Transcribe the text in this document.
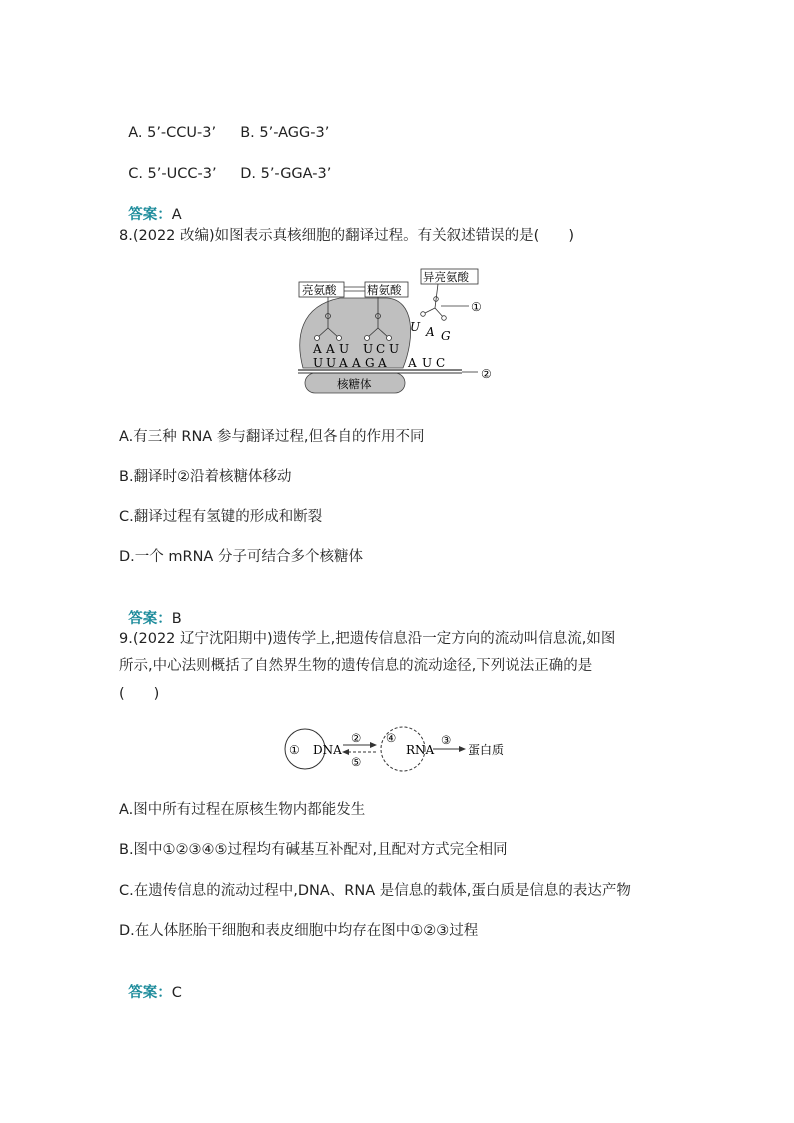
A. 5’-CCU-3’ B. 5’-AGG-3’

C. 5’-UCC-3’ D. 5’-GGA-3’

答案：A

8.(2022 改编)如图表示真核细胞的翻译过程。有关叙述错误的是(　　)
②
亮氨酸	精氨酸
异亮氨酸
①
A A U U C U
U A G
U U A A G A A U C
核糖体
A.有三种 RNA 参与翻译过程,但各自的作用不同
B.翻译时②沿着核糖体移动
C.翻译过程有氢键的形成和断裂
D.一个 mRNA 分子可结合多个核糖体

答案：B

9.(2022 辽宁沈阳期中)遗传学上,把遗传信息沿一定方向的流动叫信息流,如图
所示,中心法则概括了自然界生物的遗传信息的流动途径,下列说法正确的是
(　　)
① DNA
②
⑤
④
RNA
③
蛋白质
A.图中所有过程在原核生物内都能发生
B.图中①②③④⑤过程均有碱基互补配对,且配对方式完全相同
C.在遗传信息的流动过程中,DNA、RNA 是信息的载体,蛋白质是信息的表达产物
D.在人体胚胎干细胞和表皮细胞中均存在图中①②③过程

答案：C
